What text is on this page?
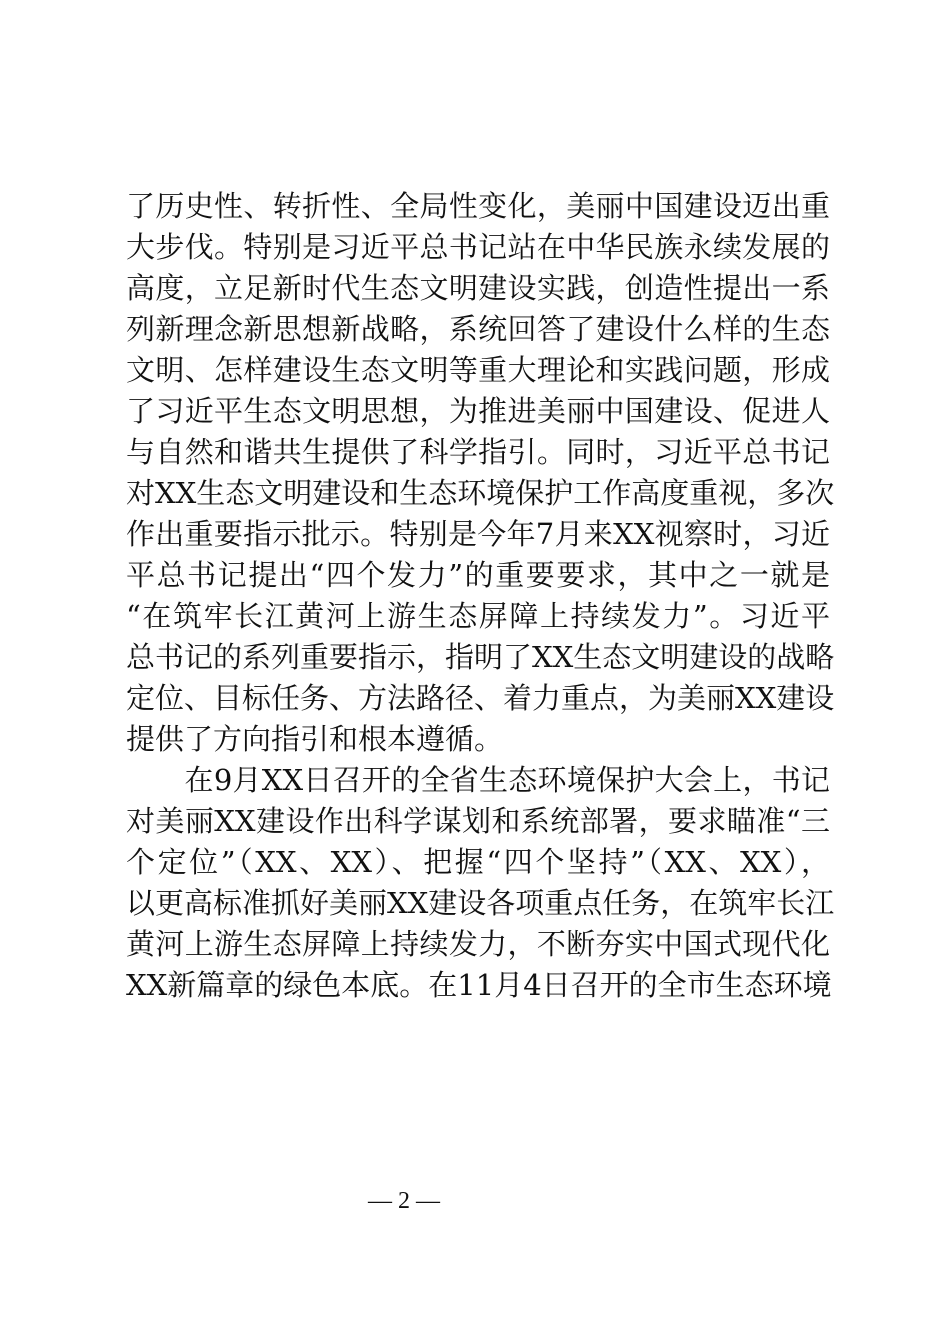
了历史性、转折性、全局性变化，美丽中国建设迈出重
大步伐。特别是习近平总书记站在中华民族永续发展的
高度，立足新时代生态文明建设实践，创造性提出一系
列新理念新思想新战略，系统回答了建设什么样的生态
文明、怎样建设生态文明等重大理论和实践问题，形成
了习近平生态文明思想，为推进美丽中国建设、促进人
与自然和谐共生提供了科学指引。同时，习近平总书记
对XX生态文明建设和生态环境保护工作高度重视，多次
作出重要指示批示。特别是今年7月来XX视察时，习近
平总书记提出“四个发力”的重要要求，其中之一就是
“在筑牢长江黄河上游生态屏障上持续发力”。习近平
总书记的系列重要指示，指明了XX生态文明建设的战略
定位、目标任务、方法路径、着力重点，为美丽XX建设
提供了方向指引和根本遵循。
　　在9月XX日召开的全省生态环境保护大会上，书记
对美丽XX建设作出科学谋划和系统部署，要求瞄准“三
个定位”（XX、XX）、把握“四个坚持”（XX、XX），
以更高标准抓好美丽XX建设各项重点任务，在筑牢长江
黄河上游生态屏障上持续发力，不断夯实中国式现代化
XX新篇章的绿色本底。在11月4日召开的全市生态环境
— 2 —
